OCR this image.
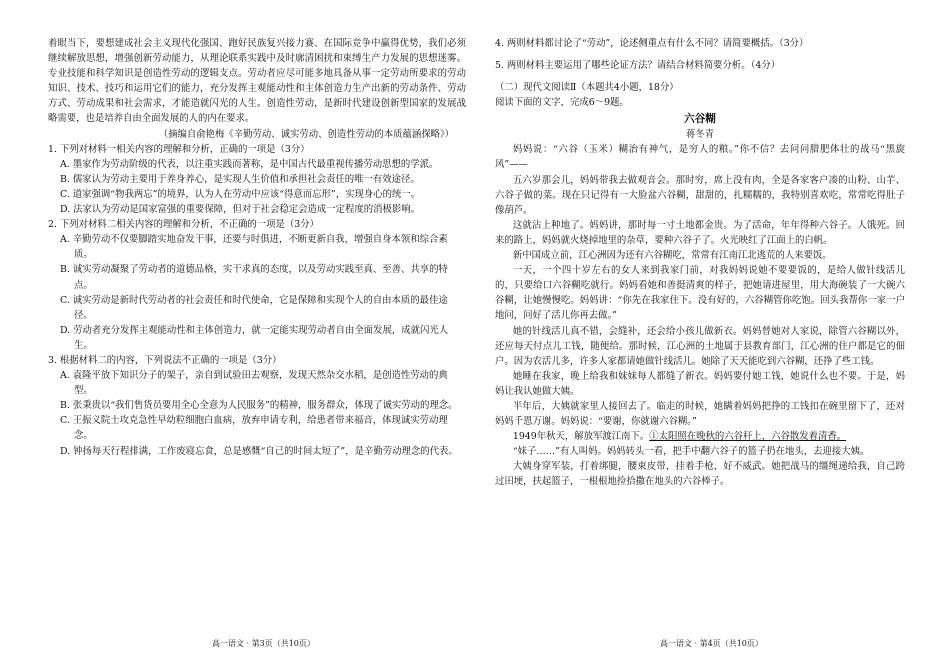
着眼当下，要想建成社会主义现代化强国、跑好民族复兴接力赛、在国际竞争中赢得优势，我们必须继续解放思想，增强创新劳动能力，从理论联系实践中及时廓清困扰和束缚生产力发展的思想迷雾。专业技能和科学知识是创造性劳动的逻辑支点。劳动者应尽可能多地具备从事一定劳动所要求的劳动知识、技术、技巧和运用它们的能力，充分发挥主观能动性和主体创造力生产出新的劳动条件、劳动方式、劳动成果和社会需求，才能造就闪光的人生。创造性劳动，是新时代建设创新型国家的发展战略需要，也是培养自由全面发展的人的内在要求。

（摘编自俞艳梅《辛勤劳动、诚实劳动、创造性劳动的本质蕴涵探略》）

1. 下列对材料一相关内容的理解和分析，正确的一项是（3分）

A. 墨家作为劳动阶级的代表，以注重实践而著称，是中国古代最重视传播劳动思想的学派。

B. 儒家认为劳动主要用于养身养心，是实现人生价值和承担社会责任的唯一有效途径。

C. 道家强调“物我两忘”的境界，认为人在劳动中应该“得意而忘形”，实现身心的统一。

D. 法家认为劳动是国家富强的重要保障，但对于社会稳定会造成一定程度的消极影响。

2. 下列对材料二相关内容的理解和分析，不正确的一项是（3分）

A. 辛勤劳动不仅要脚踏实地奋发干事，还要与时俱进，不断更新自我，增强自身本领和综合素质。

B. 诚实劳动凝聚了劳动者的道德品格，实干求真的态度，以及劳动实践至真、至善、共享的特点。

C. 诚实劳动是新时代劳动者的社会责任和时代使命，它是保障和实现个人的自由本质的最佳途径。

D. 劳动者充分发挥主观能动性和主体创造力，就一定能实现劳动者自由全面发展，成就闪光人生。

3. 根据材料二的内容，下列说法不正确的一项是（3分）

A. 袁隆平放下知识分子的架子，亲自到试验田去观察，发现天然杂交水稻，是创造性劳动的典型。

B. 张秉贵以“我们售货员要用全心全意为人民服务”的精神，服务群众，体现了诚实劳动的理念。

C. 王振义院士攻克急性早幼粒细胞白血病，放弃申请专利，给患者带来福音，体现诚实劳动理念。

D. 钟扬每天行程排满，工作废寝忘食，总是感慨“自己的时间太短了”，是辛勤劳动理念的代表。

高一语文 · 第3页（共10页）

4. 两则材料都讨论了“劳动”，论述侧重点有什么不同？请简要概括。（3分）

5. 两则材料主要运用了哪些论证方法？请结合材料简要分析。（4分）

（二）现代文阅读Ⅱ（本题共4小题，18分）

阅读下面的文字，完成6～9题。

六谷糊

蒋冬青

妈妈说：“六谷（玉米）糊治有神气，是穷人的粮。”你不信？去问问腊肥体壮的战马“黑旋风”——

五六岁那会儿，妈妈带我去做观音会。那时穷，席上没有肉，全是各家客户凑的山粉、山芋、六谷子做的菜。现在只记得有一大脸盆六谷糊，甜甜的，扎糯糯的，我特别喜欢吃，常常吃得肚子像葫芦。

这就沾上种地了。妈妈讲，那时每一寸土地都金贵。为了活命，年年得种六谷子。人饿死。回来的路上，妈妈就火烧掉地里的杂草，要种六谷子了。火光映红了江面上的白帆。

新中国成立前，江心洲因为还有六谷糊吃，常常有江南江北逃荒的人来要饭。

一天，一个四十岁左右的女人来到我家门前，对我妈妈说她不要要饭的，是给人做针线活儿的，只要给口六谷糊吃就行。妈妈看她和善挺清爽的样子，把她请进屋里，用大海碗装了一大碗六谷糊，让她慢慢吃。妈妈讲：“你先在我家住下。没有好的，六谷糊管你吃饱。回头我帮你一家一户地问，问好了活儿你再去做。”

她的针线活儿真不错，会缝补，还会给小孩儿做新衣。妈妈替她对人家说，除管六谷糊以外，还应每天付点儿工钱，随便给。那时候，江心洲的土地属于县教育部门，江心洲的住户都是它的佃户。因为农活儿多，许多人家都请她做针线活儿。她除了天天能吃到六谷糊，还挣了些工钱。

她睡在我家，晚上给我和妹妹每人都缝了新衣。妈妈要付她工钱，她说什么也不要。于是，妈妈让我认她做大姨。

半年后，大姨就家里人接回去了。临走的时候，她瞒着妈妈把挣的工钱扣在碗里留下了，还对妈妈千恩万谢。妈妈说：“要谢，你就谢六谷糊。”

1949年秋天，解放军渡江南下。①太阳照在晚秋的六谷秆上，六谷散发着清香。

“妹子……”有人叫妈。妈妈转头一看，把手中翻六谷子的篮子扔在地头，去迎接大姨。

大姨身穿军装，打着绑腿，腰束皮带，挂着手枪，好不威武。她把战马的缰绳递给我，自己跨过田埂，扶起篮子，一根根地捡拾撒在地头的六谷棒子。

高一语文 · 第4页（共10页）
